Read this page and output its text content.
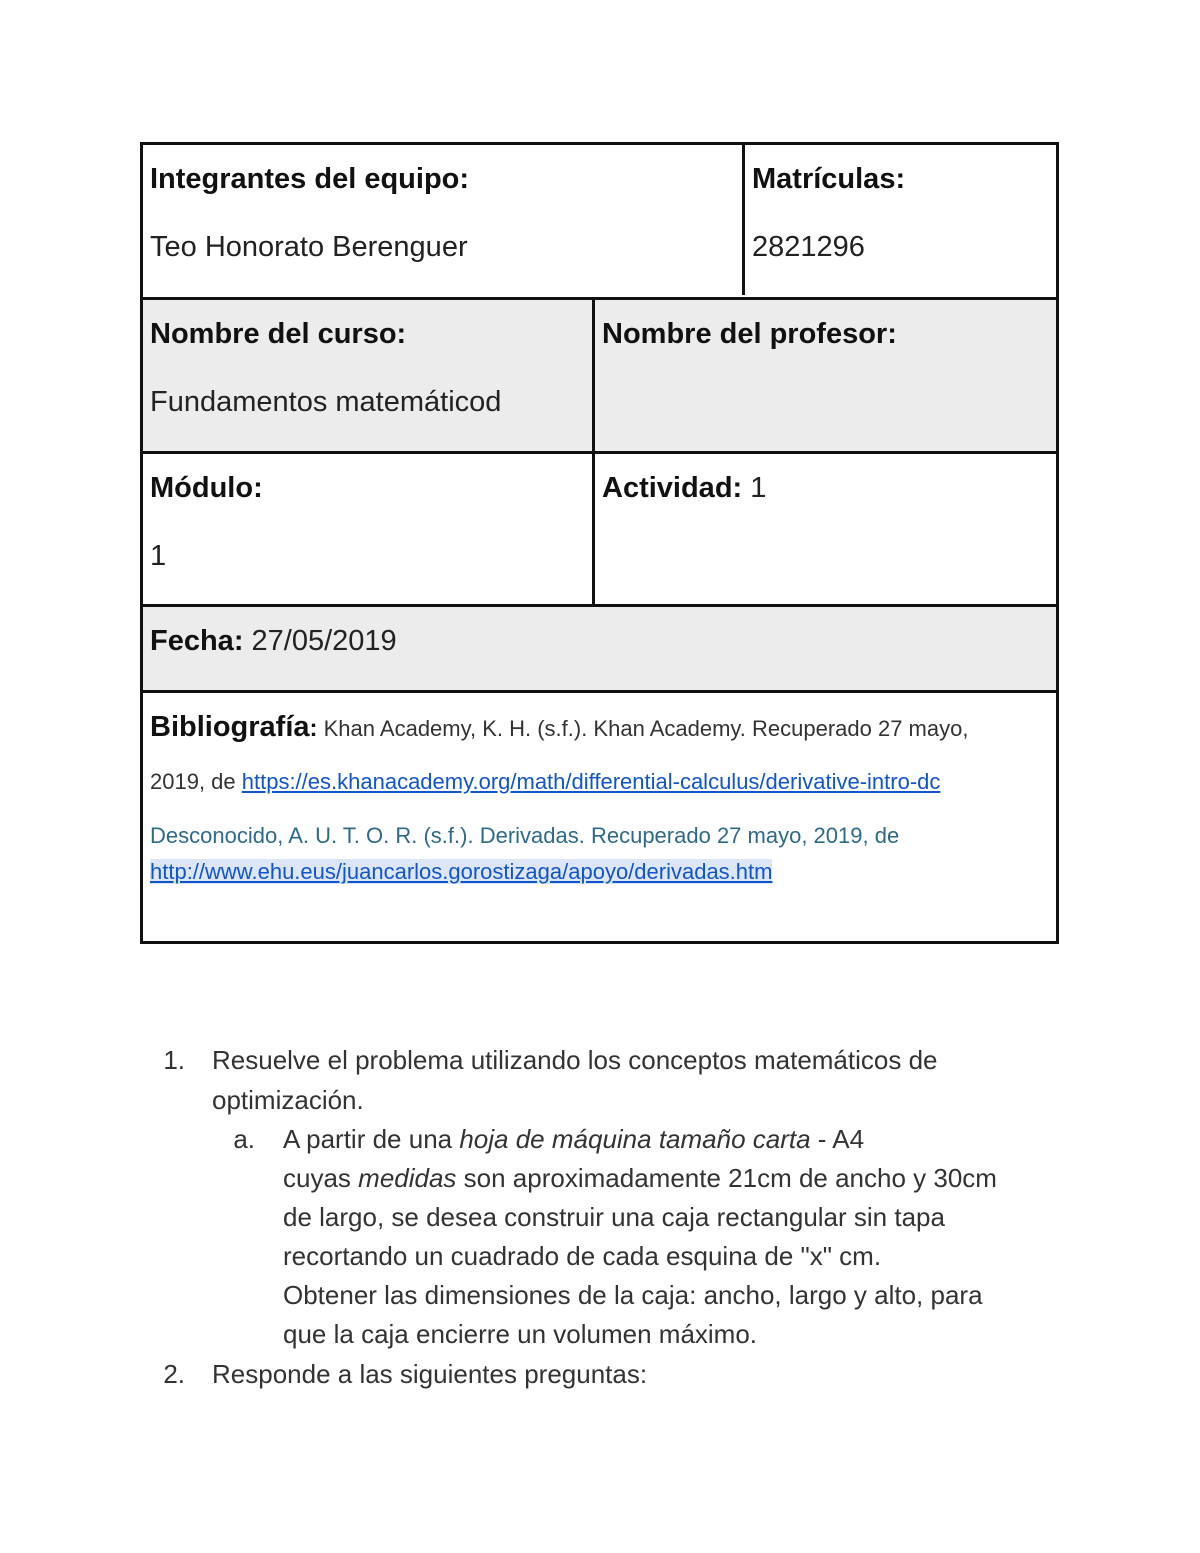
Integrantes del equipo:
Teo Honorato Berenguer
Matrículas:
2821296
Nombre del curso:
Fundamentos matemáticod
Nombre del profesor:
Módulo:
1
Actividad: 1
Fecha: 27/05/2019
Bibliografía: Khan Academy, K. H. (s.f.). Khan Academy. Recuperado 27 mayo,
2019, de https://es.khanacademy.org/math/differential-calculus/derivative-intro-dc
Desconocido, A. U. T. O. R. (s.f.). Derivadas. Recuperado 27 mayo, 2019, de
http://www.ehu.eus/juancarlos.gorostizaga/apoyo/derivadas.htm
1. Resuelve el problema utilizando los conceptos matemáticos de
optimización.
a. A partir de una hoja de máquina tamaño carta - A4
cuyas medidas son aproximadamente 21cm de ancho y 30cm
de largo, se desea construir una caja rectangular sin tapa
recortando un cuadrado de cada esquina de "x" cm.
Obtener las dimensiones de la caja: ancho, largo y alto, para
que la caja encierre un volumen máximo.
2. Responde a las siguientes preguntas:
